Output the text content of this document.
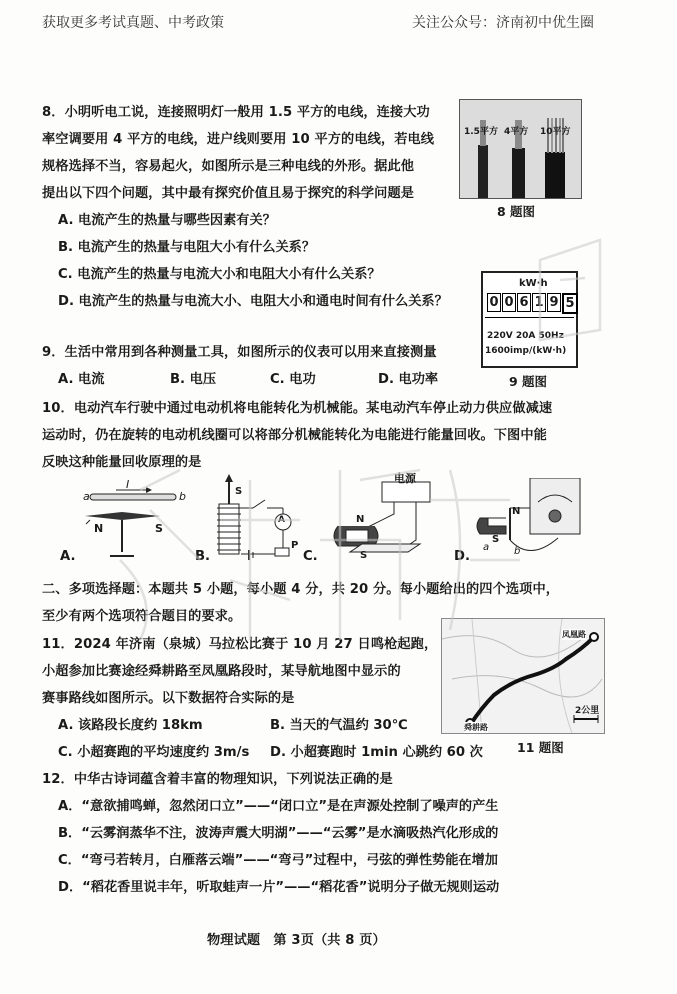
获取更多考试真题、中考政策	关注公众号：济南初中优生圈
8．小明听电工说，连接照明灯一般用 1.5 平方的电线，连接大功
率空调要用 4 平方的电线，进户线则要用 10 平方的电线，若电线
规格选择不当，容易起火，如图所示是三种电线的外形。据此他
提出以下四个问题，其中最有探究价值且易于探究的科学问题是
A. 电流产生的热量与哪些因素有关？
B. 电流产生的热量与电阻大小有什么关系？
C. 电流产生的热量与电流大小和电阻大小有什么关系？
D. 电流产生的热量与电流大小、电阻大小和通电时间有什么关系？
1.5平方 4平方 10平方
8 题图
9．生活中常用到各种测量工具，如图所示的仪表可以用来直接测量
A. 电流	B. 电压	C. 电功	D. 电功率
kW·h
0 0 6 1 9 5
220V 20A 50Hz
1600imp/(kW·h)
9 题图
10．电动汽车行驶中通过电动机将电能转化为机械能。某电动汽车停止动力供应做减速
运动时，仍在旋转的电动机线圈可以将部分机械能转化为电能进行能量回收。下图中能
反映这种能量回收原理的是
a
I
b
N	S
A.
S
A
P
B.
电源
N
S
C.
N
S
a b
D.
二、多项选择题：本题共 5 小题，每小题 4 分，共 20 分。每小题给出的四个选项中，
至少有两个选项符合题目的要求。
11．2024 年济南（泉城）马拉松比赛于 10 月 27 日鸣枪起跑，
小超参加比赛途经舜耕路至凤凰路段时，某导航地图中显示的
赛事路线如图所示。以下数据符合实际的是
A. 该路段长度约 18km	B. 当天的气温约 30℃
C. 小超赛跑的平均速度约 3m/s D. 小超赛跑时 1min 心跳约 60 次
凤凰路
2公里
舜耕路
11 题图
12．中华古诗词蕴含着丰富的物理知识，下列说法正确的是
A．“意欲捕鸣蝉，忽然闭口立”——“闭口立”是在声源处控制了噪声的产生
B．“云雾润蒸华不注，波涛声震大明湖”——“云雾”是水滴吸热汽化形成的
C．“弯弓若转月，白雁落云端”——“弯弓”过程中，弓弦的弹性势能在增加
D．“稻花香里说丰年，听取蛙声一片”——“稻花香”说明分子做无规则运动
物理试题　第 3页（共 8 页）
